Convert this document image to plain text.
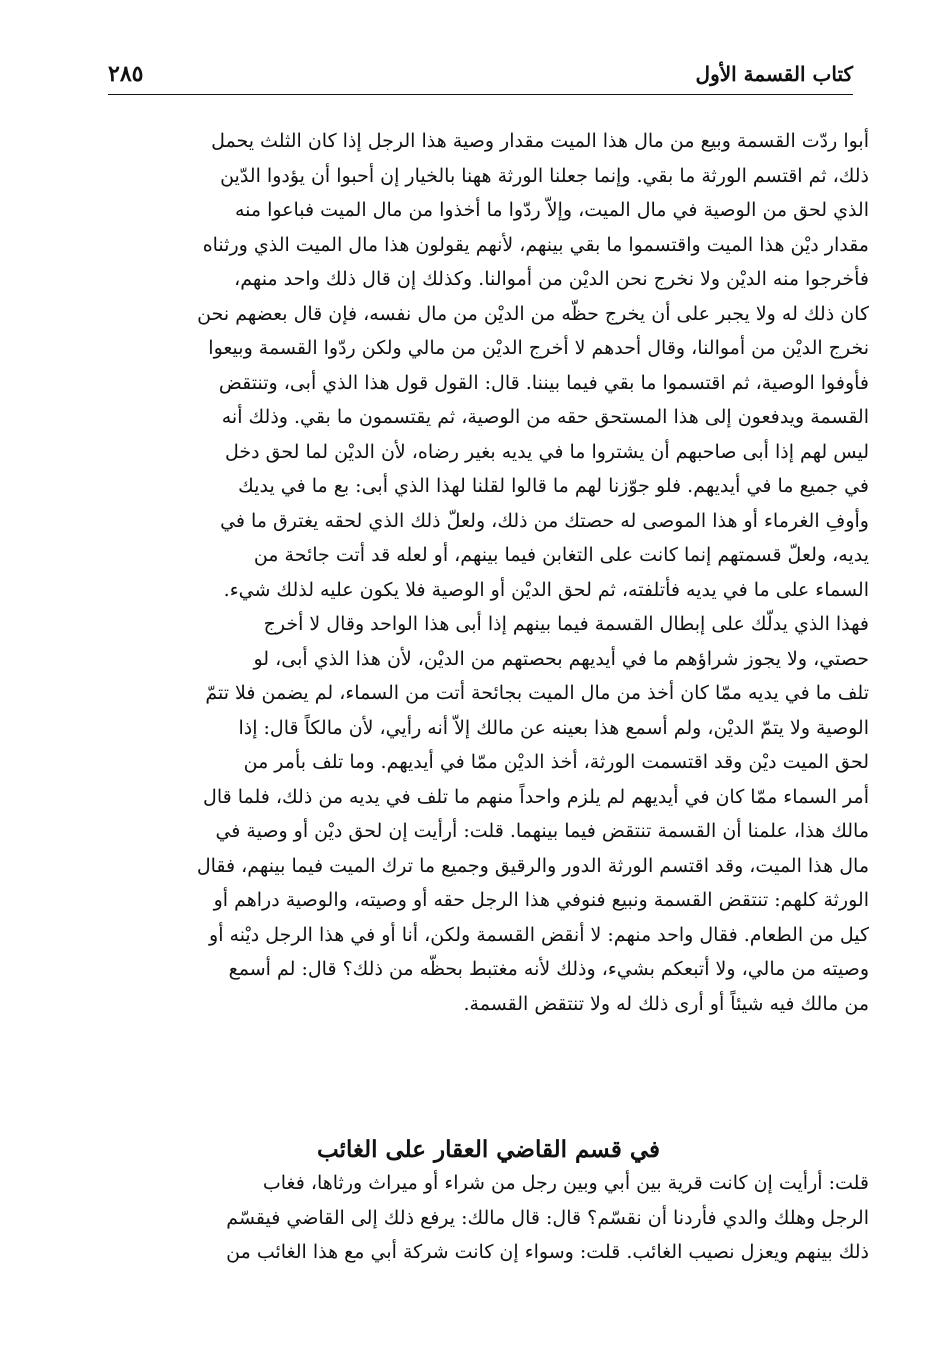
كتاب القسمة الأول
٢٨٥
أبوا ردّت القسمة وبيع من مال هذا الميت مقدار وصية هذا الرجل إذا كان الثلث يحمل
ذلك، ثم اقتسم الورثة ما بقي. وإنما جعلنا الورثة ههنا بالخيار إن أحبوا أن يؤدوا الدّين
الذي لحق من الوصية في مال الميت، وإلاّ ردّوا ما أخذوا من مال الميت فباعوا منه
مقدار ديْن هذا الميت واقتسموا ما بقي بينهم، لأنهم يقولون هذا مال الميت الذي ورثناه
فأخرجوا منه الديْن ولا نخرج نحن الديْن من أموالنا. وكذلك إن قال ذلك واحد منهم،
كان ذلك له ولا يجبر على أن يخرج حظّه من الديْن من مال نفسه، فإن قال بعضهم نحن
نخرج الديْن من أموالنا، وقال أحدهم لا أخرج الديْن من مالي ولكن ردّوا القسمة وبيعوا
فأوفوا الوصية، ثم اقتسموا ما بقي فيما بيننا. قال: القول قول هذا الذي أبى، وتنتقض
القسمة ويدفعون إلى هذا المستحق حقه من الوصية، ثم يقتسمون ما بقي. وذلك أنه
ليس لهم إذا أبى صاحبهم أن يشتروا ما في يديه بغير رضاه، لأن الديْن لما لحق دخل
في جميع ما في أيديهم. فلو جوّزنا لهم ما قالوا لقلنا لهذا الذي أبى: بع ما في يديك
وأوفِ الغرماء أو هذا الموصى له حصتك من ذلك، ولعلّ ذلك الذي لحقه يغترق ما في
يديه، ولعلّ قسمتهم إنما كانت على التغابن فيما بينهم، أو لعله قد أتت جائحة من
السماء على ما في يديه فأتلفته، ثم لحق الديْن أو الوصية فلا يكون عليه لذلك شيء.
فهذا الذي يدلّك على إبطال القسمة فيما بينهم إذا أبى هذا الواحد وقال لا أخرج
حصتي، ولا يجوز شراؤهم ما في أيديهم بحصتهم من الديْن، لأن هذا الذي أبى، لو
تلف ما في يديه ممّا كان أخذ من مال الميت بجائحة أتت من السماء، لم يضمن فلا تتمّ
الوصية ولا يتمّ الديْن، ولم أسمع هذا بعينه عن مالك إلاّ أنه رأيي، لأن مالكاً قال: إذا
لحق الميت ديْن وقد اقتسمت الورثة، أخذ الديْن ممّا في أيديهم. وما تلف بأمر من
أمر السماء ممّا كان في أيديهم لم يلزم واحداً منهم ما تلف في يديه من ذلك، فلما قال
مالك هذا، علمنا أن القسمة تنتقض فيما بينهما. قلت: أرأيت إن لحق ديْن أو وصية في
مال هذا الميت، وقد اقتسم الورثة الدور والرقيق وجميع ما ترك الميت فيما بينهم، فقال
الورثة كلهم: تنتقض القسمة ونبيع فنوفي هذا الرجل حقه أو وصيته، والوصية دراهم أو
كيل من الطعام. فقال واحد منهم: لا أنقض القسمة ولكن، أنا أو في هذا الرجل ديْنه أو
وصيته من مالي، ولا أتبعكم بشيء، وذلك لأنه مغتبط بحظّه من ذلك؟ قال: لم أسمع
من مالك فيه شيئاً أو أرى ذلك له ولا تنتقض القسمة.
في قسم القاضي العقار على الغائب
قلت: أرأيت إن كانت قرية بين أبي وبين رجل من شراء أو ميراث ورثاها، فغاب
الرجل وهلك والدي فأردنا أن نقسّم؟ قال: قال مالك: يرفع ذلك إلى القاضي فيقسّم
ذلك بينهم ويعزل نصيب الغائب. قلت: وسواء إن كانت شركة أبي مع هذا الغائب من
